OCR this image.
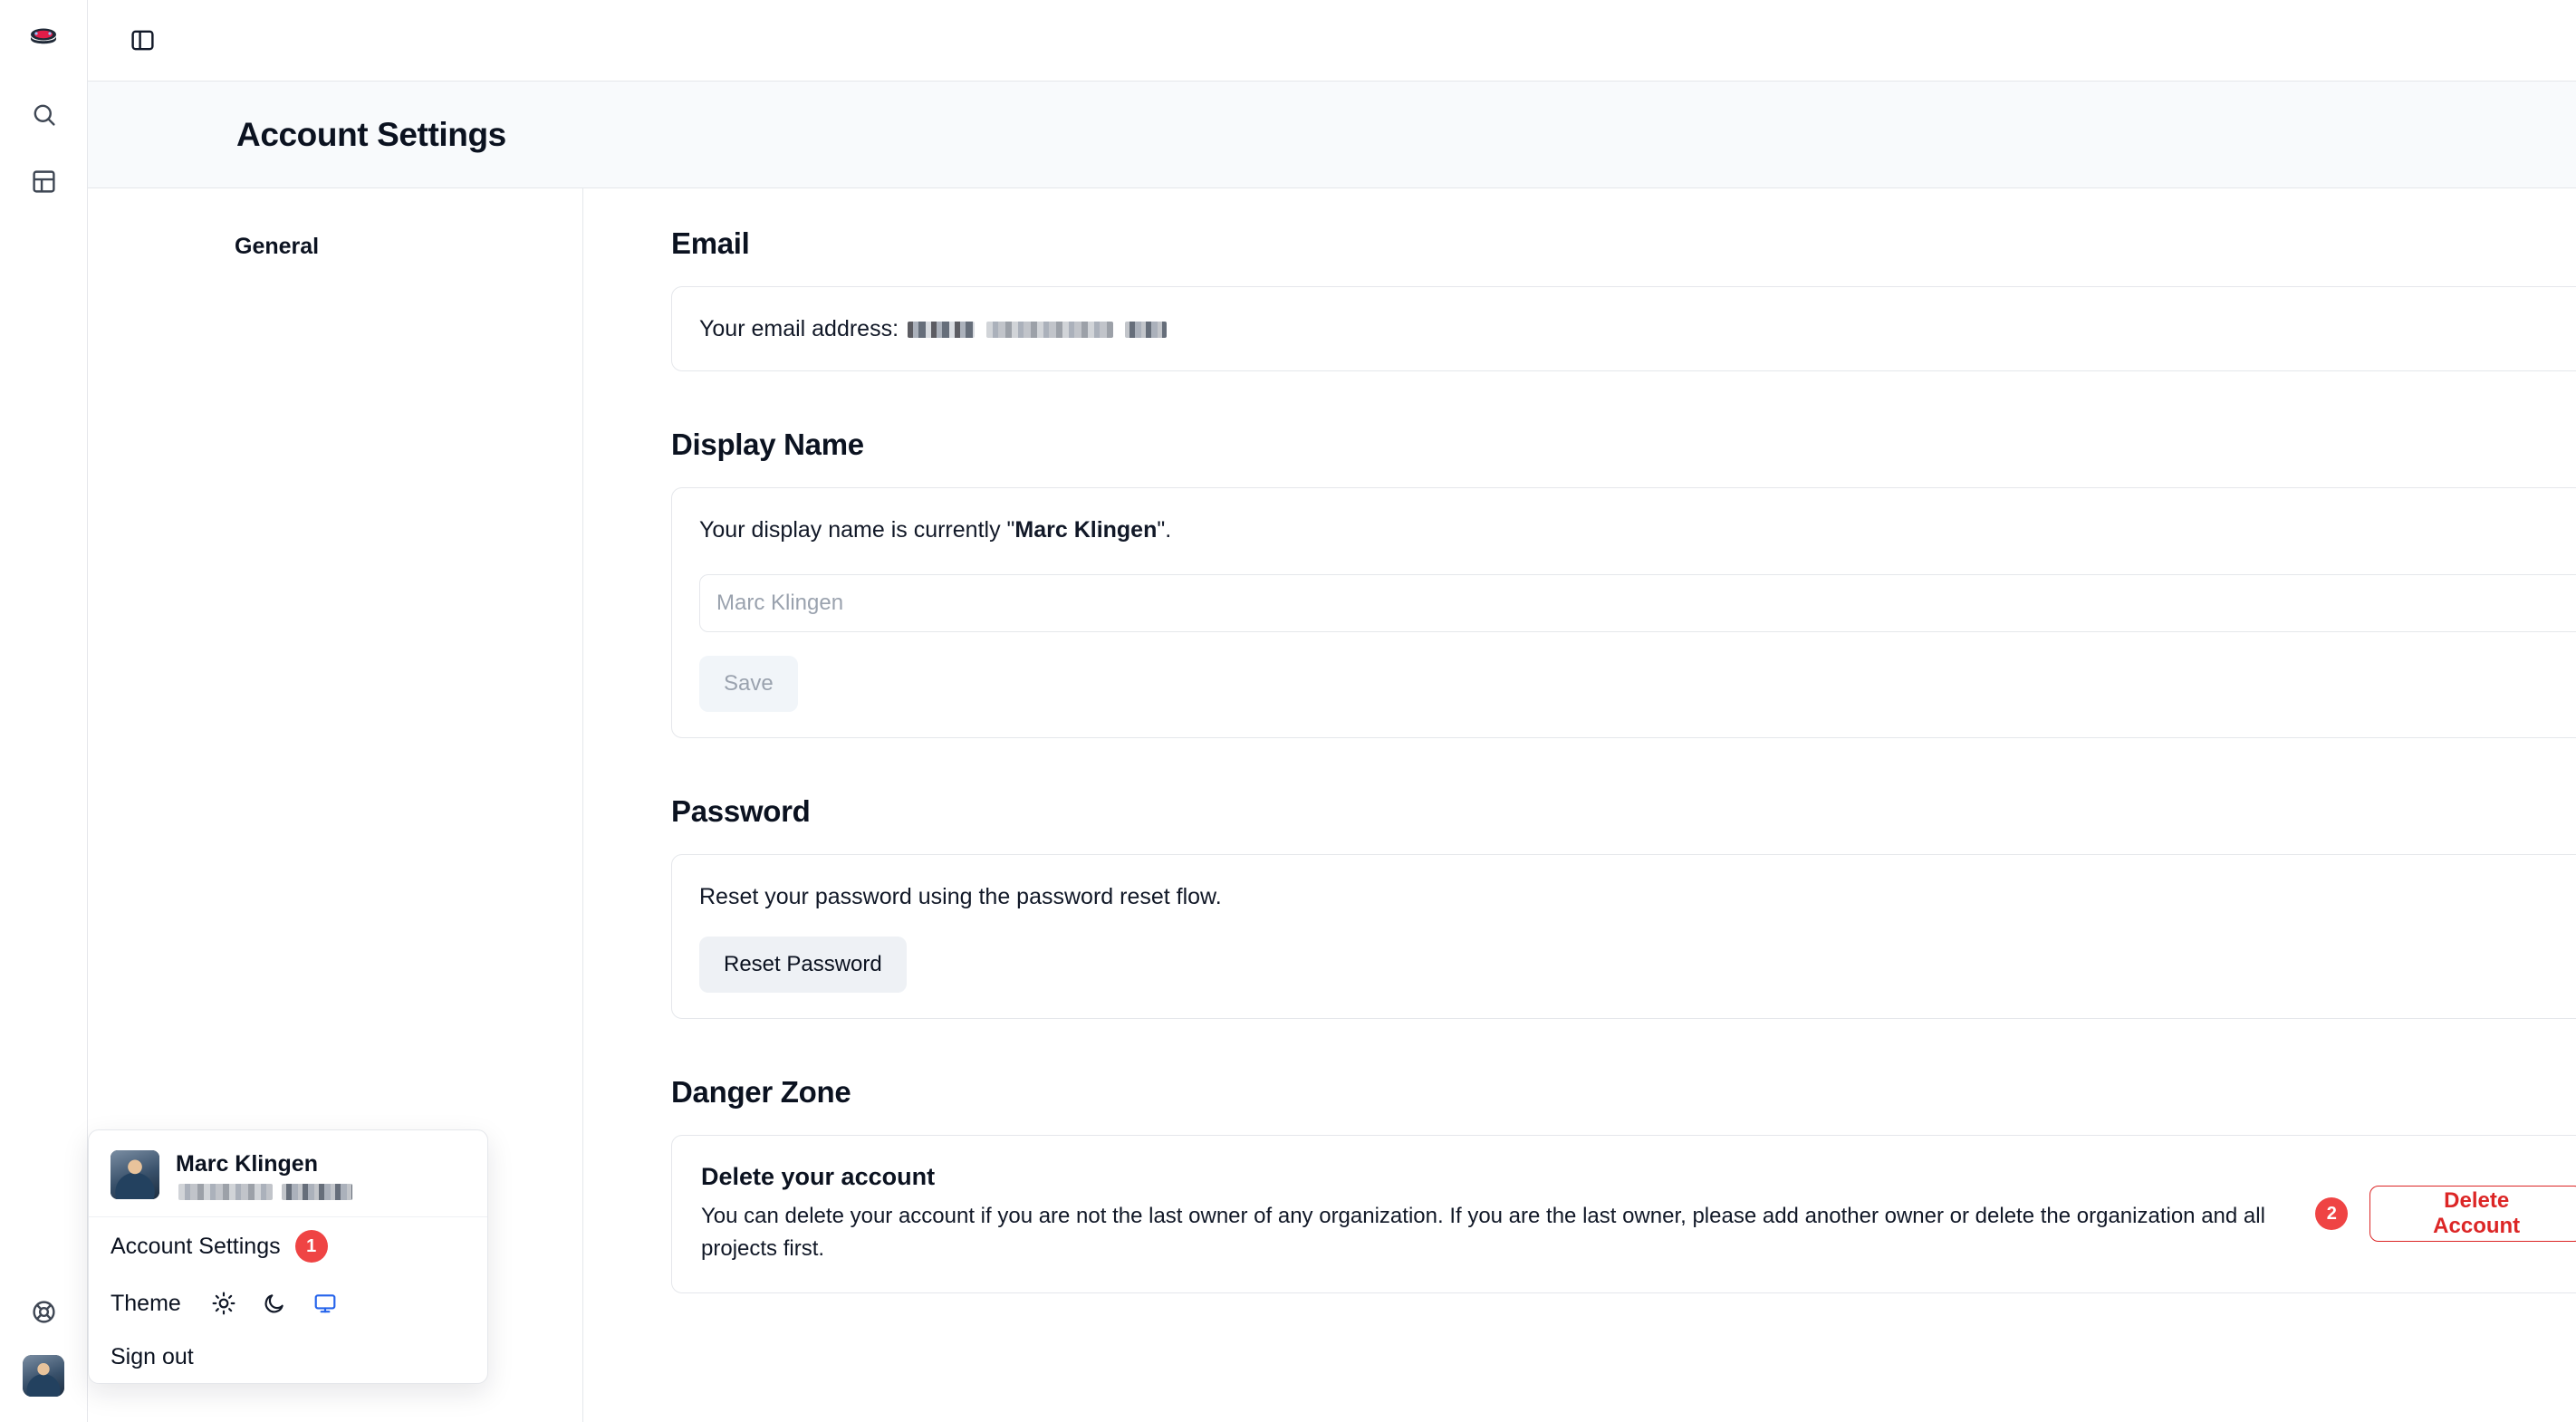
Account Settings
General	Email
Your email address:
Display Name
Your display name is currently "Marc Klingen".
Marc Klingen Save
Password
Reset your password using the password reset flow.
Reset Password
Danger Zone
Delete your account
You can delete your account if you are not the last owner of any organization. If you are the last owner, please add another owner or delete the organization and all projects first.
2
Delete Account
Marc Klingen

Account Settings	1
Theme
Sign out
